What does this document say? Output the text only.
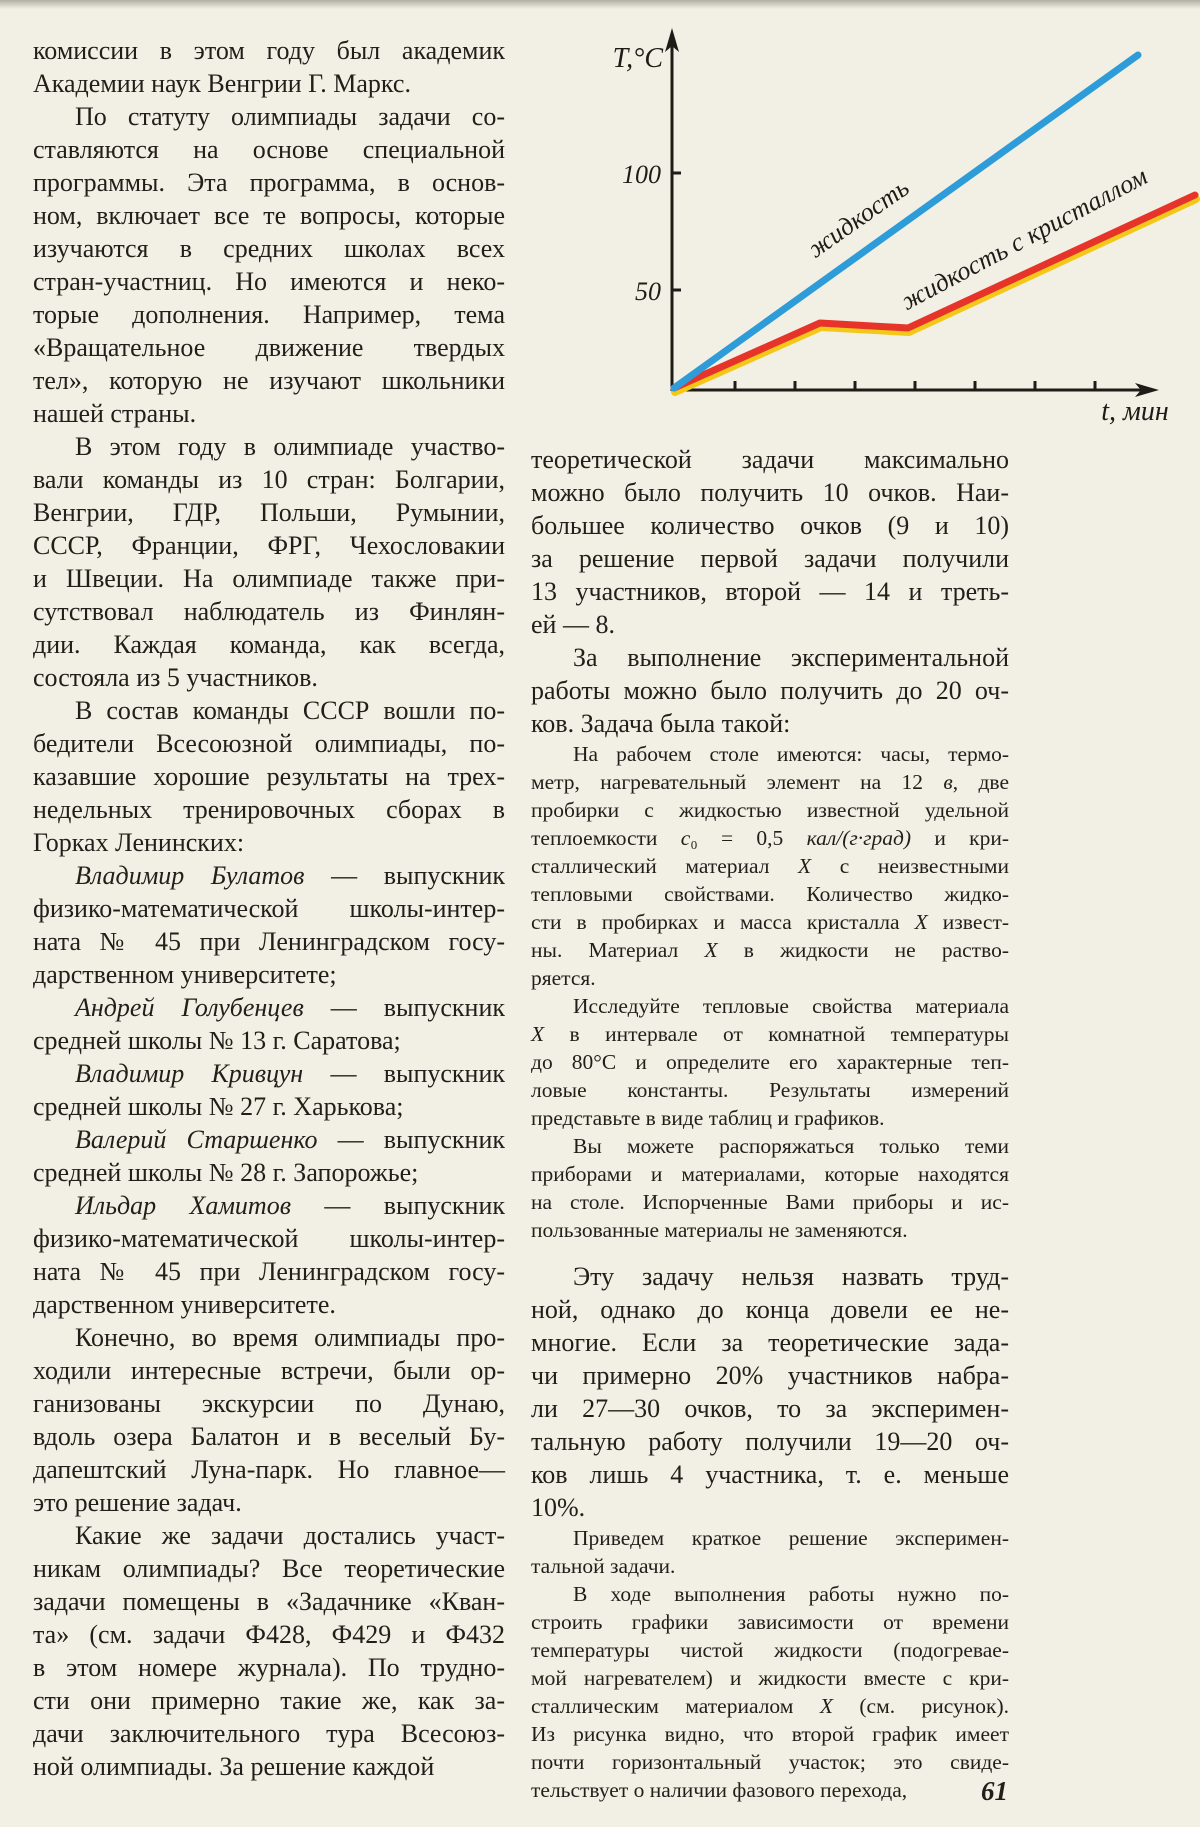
комиссии в этом году был академик
Академии наук Венгрии Г. Маркс.
По статуту олимпиады задачи со-
ставляются на основе специальной
программы. Эта программа, в основ-
ном, включает все те вопросы, которые
изучаются в средних школах всех
стран-участниц. Но имеются и неко-
торые дополнения. Например, тема
«Вращательное движение твердых
тел», которую не изучают школьники
нашей страны.
В этом году в олимпиаде участво-
вали команды из 10 стран: Болгарии,
Венгрии, ГДР, Польши, Румынии,
СССР, Франции, ФРГ, Чехословакии
и Швеции. На олимпиаде также при-
сутствовал наблюдатель из Финлян-
дии. Каждая команда, как всегда,
состояла из 5 участников.
В состав команды СССР вошли по-
бедители Всесоюзной олимпиады, по-
казавшие хорошие результаты на трех-
недельных тренировочных сборах в
Горках Ленинских:
Владимир Булатов — выпускник
физико-математической школы-интер-
ната № 45 при Ленинградском госу-
дарственном университете;
Андрей Голубенцев — выпускник
средней школы № 13 г. Саратова;
Владимир Кривцун — выпускник
средней школы № 27 г. Харькова;
Валерий Старшенко — выпускник
средней школы № 28 г. Запорожье;
Ильдар Хамитов — выпускник
физико-математической школы-интер-
ната № 45 при Ленинградском госу-
дарственном университете.
Конечно, во время олимпиады про-
ходили интересные встречи, были ор-
ганизованы экскурсии по Дунаю,
вдоль озера Балатон и в веселый Бу-
дапештский Луна-парк. Но главное—
это решение задач.
Какие же задачи достались участ-
никам олимпиады? Все теоретические
задачи помещены в «Задачнике «Кван-
та» (см. задачи Ф428, Ф429 и Ф432
в этом номере журнала). По трудно-
сти они примерно такие же, как за-
дачи заключительного тура Всесоюз-
ной олимпиады. За решение каждой
T,°C
100
50
t, мин
жидкость
жидкость с кристаллом
теоретической задачи максимально
можно было получить 10 очков. Наи-
большее количество очков (9 и 10)
за решение первой задачи получили
13 участников, второй — 14 и треть-
ей — 8.
За выполнение экспериментальной
работы можно было получить до 20 оч-
ков. Задача была такой:
На рабочем столе имеются: часы, термо-
метр, нагревательный элемент на 12 в, две
пробирки с жидкостью известной удельной
теплоемкости c₀ = 0,5 кал/(г·град) и кри-
сталлический материал X с неизвестными
тепловыми свойствами. Количество жидко-
сти в пробирках и масса кристалла X извест-
ны. Материал X в жидкости не раство-
ряется.
Исследуйте тепловые свойства материала
X в интервале от комнатной температуры
до 80°С и определите его характерные теп-
ловые константы. Результаты измерений
представьте в виде таблиц и графиков.
Вы можете распоряжаться только теми
приборами и материалами, которые находятся
на столе. Испорченные Вами приборы и ис-
пользованные материалы не заменяются.
Эту задачу нельзя назвать труд-
ной, однако до конца довели ее не-
многие. Если за теоретические зада-
чи примерно 20% участников набра-
ли 27—30 очков, то за эксперимен-
тальную работу получили 19—20 оч-
ков лишь 4 участника, т. е. меньше
10%.
Приведем краткое решение эксперимен-
тальной задачи.
В ходе выполнения работы нужно по-
строить графики зависимости от времени
температуры чистой жидкости (подогревае-
мой нагревателем) и жидкости вместе с кри-
сталлическим материалом X (см. рисунок).
Из рисунка видно, что второй график имеет
почти горизонтальный участок; это свиде-
тельствует о наличии фазового перехода,	61
